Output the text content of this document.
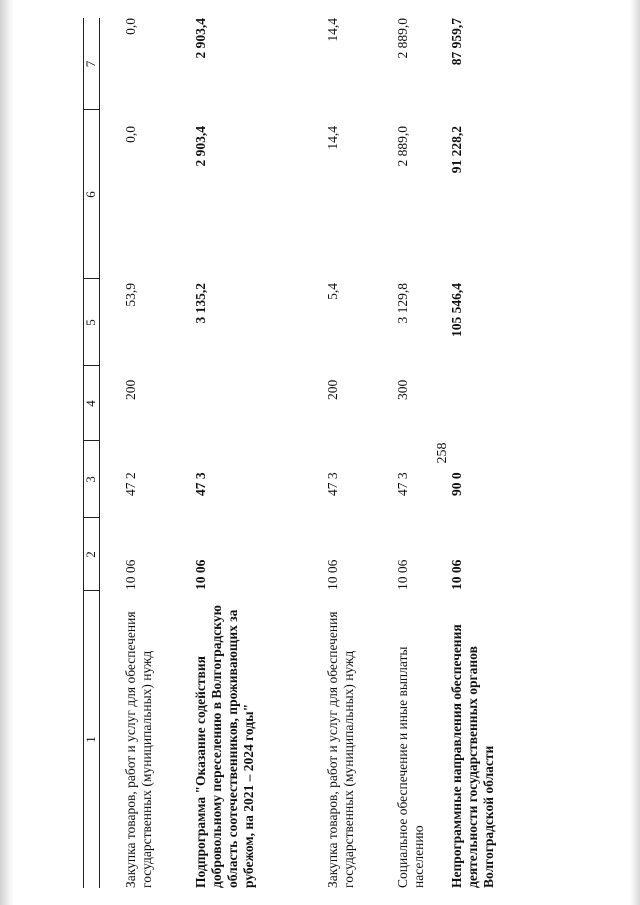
258
1
2
3
4
5
6
7
Закупка товаров, работ и услуг для обеспечения государственных (муниципальных) нужд
10 06
47 2
200
53,9
0,0
0,0
Подпрограмма "Оказание содействия добровольному переселению в Волгоградскую область соотечественников, проживающих за рубежом, на 2021 – 2024 годы"
10 06
47 3
3 135,2
2 903,4
2 903,4
Закупка товаров, работ и услуг для обеспечения государственных (муниципальных) нужд
10 06
47 3
200
5,4
14,4
14,4
Социальное обеспечение и иные выплаты населению
10 06
47 3
300
3 129,8
2 889,0
2 889,0
Непрограммные направления обеспечения деятельности государственных органов Волгоградской области
10 06
90 0
105 546,4
91 228,2
87 959,7
